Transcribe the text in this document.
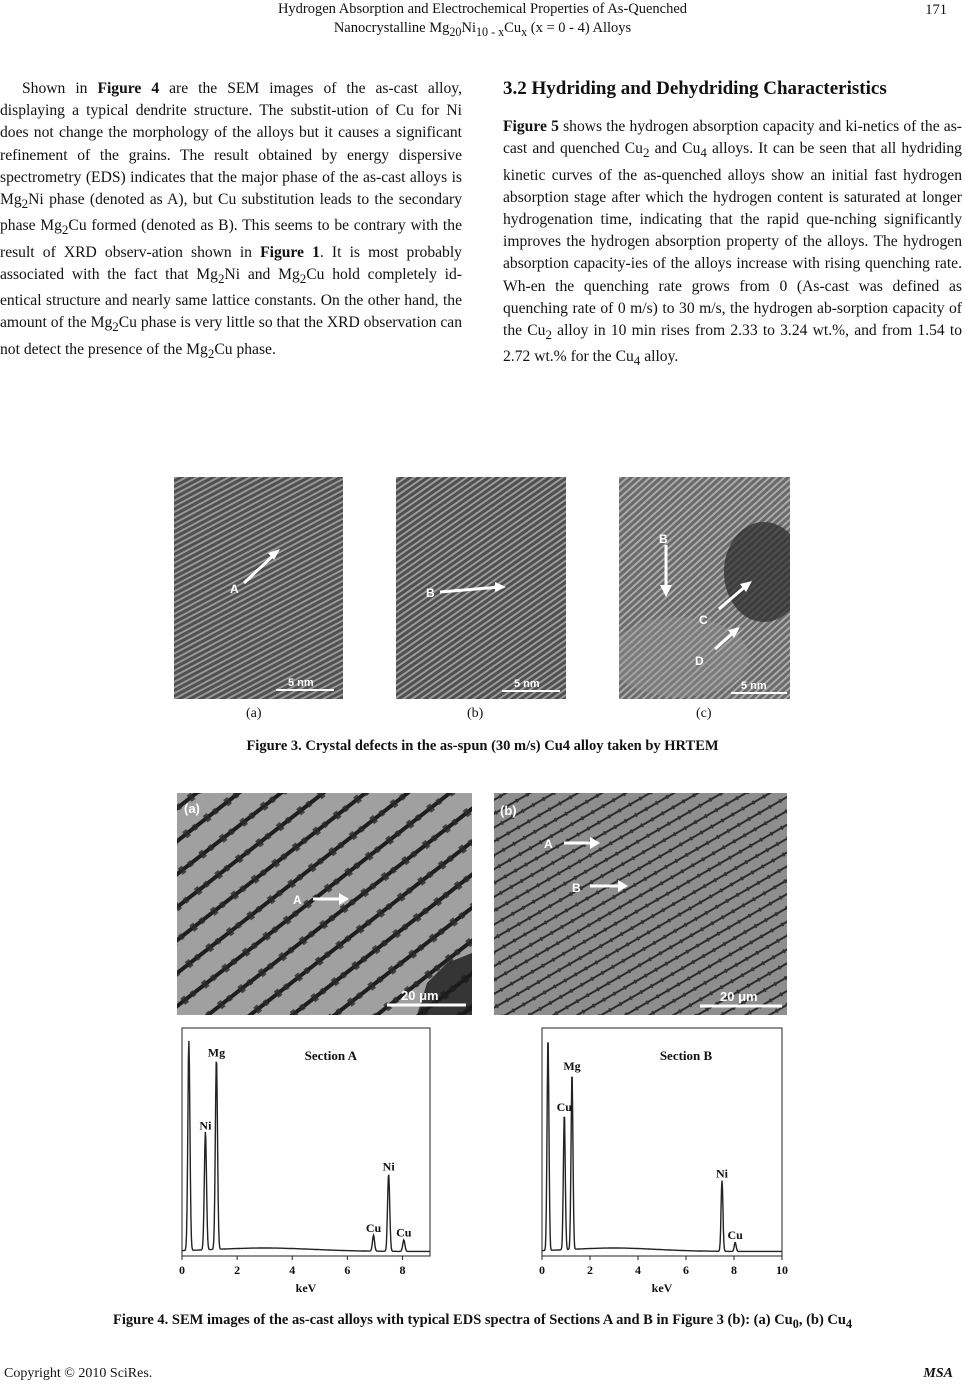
Hydrogen Absorption and Electrochemical Properties of As-Quenched
Nanocrystalline $Mg_{20}Ni_{10 - x}Cu_x$ (x = 0 - 4) Alloys
171

Shown in Figure 4 are the SEM images of the as-cast alloy, displaying a typical dendrite structure. The substit-ution of Cu for Ni does not change the morphology of the alloys but it causes a significant refinement of the grains. The result obtained by energy dispersive spectrometry (EDS) indicates that the major phase of the as-cast alloys is $Mg_2Ni$ phase (denoted as A), but Cu substitution leads to the secondary phase $Mg_2Cu$ formed (denoted as B). This seems to be contrary with the result of XRD observ-ation shown in Figure 1. It is most probably associated with the fact that $Mg_2Ni$ and $Mg_2Cu$ hold completely id-entical structure and nearly same lattice constants. On the other hand, the amount of the $Mg_2Cu$ phase is very little so that the XRD observation can not detect the presence of the $Mg_2Cu$ phase.

3.2 Hydriding and Dehydriding Characteristics

Figure 5 shows the hydrogen absorption capacity and ki-netics of the as-cast and quenched $Cu_2$ and $Cu_4$ alloys. It can be seen that all hydriding kinetic curves of the as-quenched alloys show an initial fast hydrogen absorption stage after which the hydrogen content is saturated at longer hydrogenation time, indicating that the rapid que-nching significantly improves the hydrogen absorption property of the alloys. The hydrogen absorption capacity-ies of the alloys increase with rising quenching rate. Wh-en the quenching rate grows from 0 (As-cast was defined as quenching rate of 0 m/s) to 30 m/s, the hydrogen ab-sorption capacity of the $Cu_2$ alloy in 10 min rises from 2.33 to 3.24 wt.%, and from 1.54 to 2.72 wt.% for the $Cu_4$ alloy.

A
5 nm
B
5 nm
B
C
D
5 nm
(a)	(b)	(c)
Figure 3. Crystal defects in the as-spun (30 m/s) Cu4 alloy taken by HRTEM
(a)
A
20 μm
(b)
A
B
20 μm
Ni
Mg
Cu
Ni
Cu
Section A
0	2	4	6	8
keV
Cu
Mg
Ni
Cu
Section B
0	2	4	6	8	10
keV
Figure 4. SEM images of the as-cast alloys with typical EDS spectra of Sections A and B in Figure 3 (b): (a) $Cu_0$, (b) $Cu_4$
Copyright © 2010 SciRes.	MSA
